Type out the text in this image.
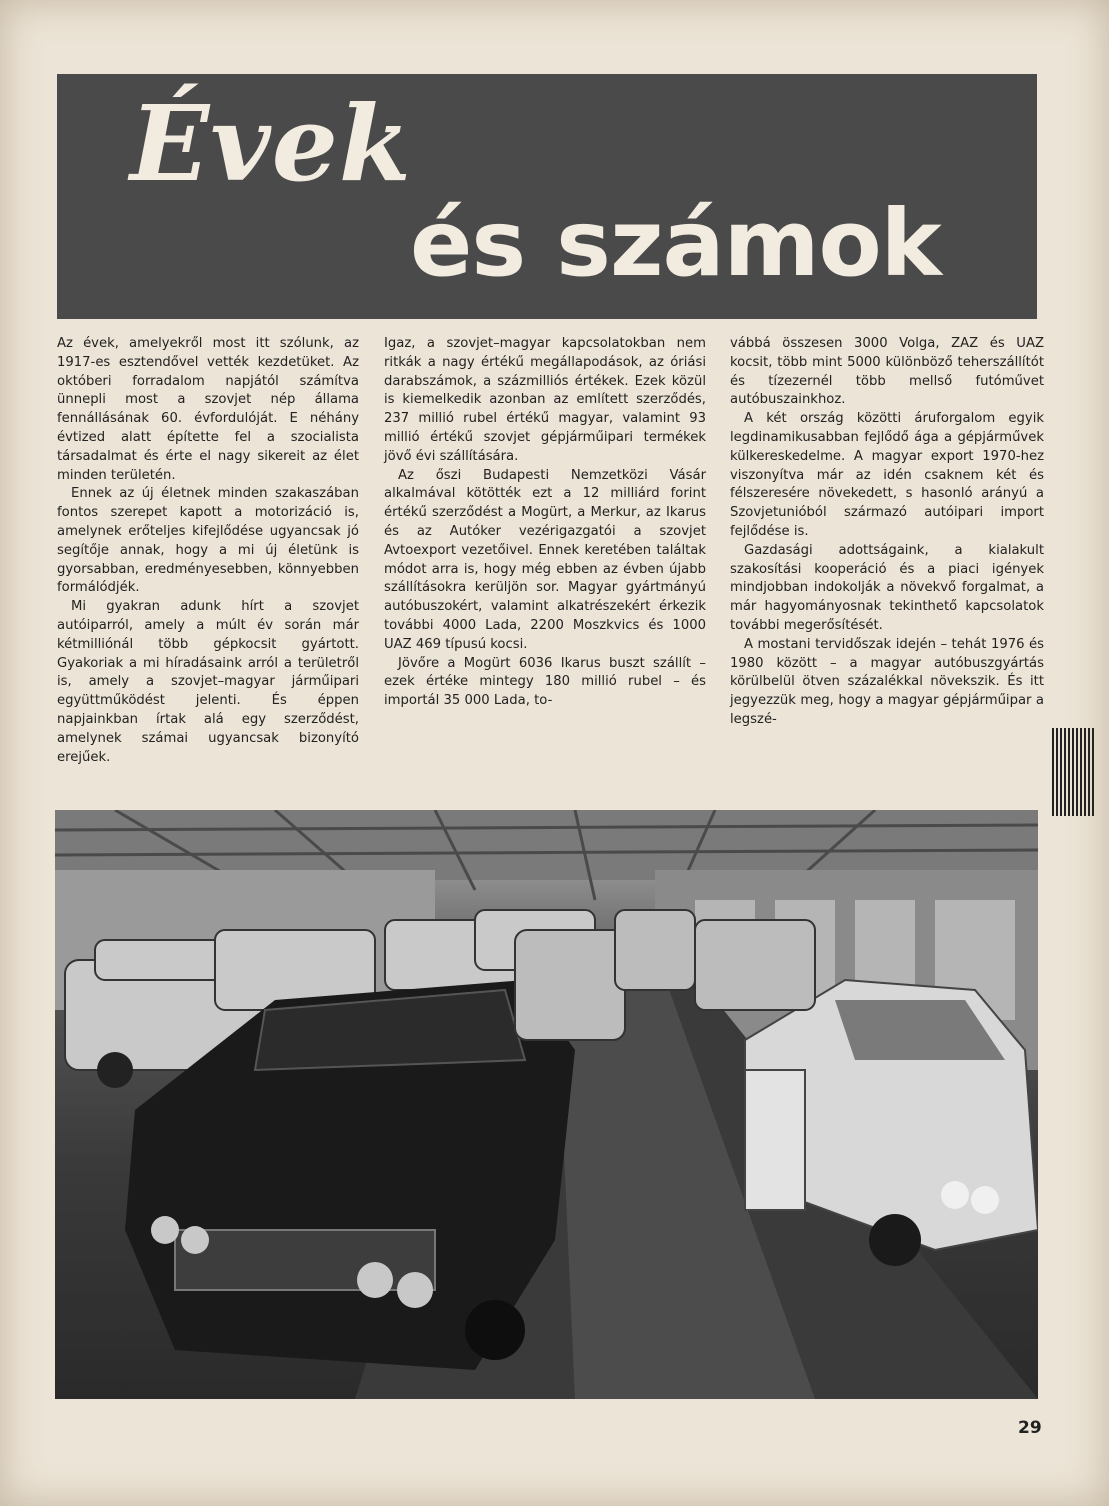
Évek
és számok

Az évek, amelyekről most itt szólunk, az 1917-es esztendővel vették kezdetüket. Az októberi forradalom napjától számítva ünnepli most a szovjet nép állama fennállásának 60. évfordulóját. E néhány évtized alatt építette fel a szocialista társadalmat és érte el nagy sikereit az élet minden területén.

Ennek az új életnek minden szakaszában fontos szerepet kapott a motorizáció is, amelynek erőteljes kifejlődése ugyancsak jó segítője annak, hogy a mi új életünk is gyorsabban, eredményesebben, könnyebben formálódjék.

Mi gyakran adunk hírt a szovjet autóiparról, amely a múlt év során már kétmilliónál több gépkocsit gyártott. Gyakoriak a mi híradásaink arról a területről is, amely a szovjet–magyar járműipari együttműködést jelenti. És éppen napjainkban írtak alá egy szerződést, amelynek számai ugyancsak bizonyító erejűek.

Igaz, a szovjet–magyar kapcsolatokban nem ritkák a nagy értékű megállapodások, az óriási darabszámok, a százmilliós értékek. Ezek közül is kiemelkedik azonban az említett szerződés, 237 millió rubel értékű magyar, valamint 93 millió értékű szovjet gépjárműipari termékek jövő évi szállítására.

Az őszi Budapesti Nemzetközi Vásár alkalmával kötötték ezt a 12 milliárd forint értékű szerződést a Mogürt, a Merkur, az Ikarus és az Autóker vezérigazgatói a szovjet Avtoexport vezetőivel. Ennek keretében találtak módot arra is, hogy még ebben az évben újabb szállításokra kerüljön sor. Magyar gyártmányú autóbuszokért, valamint alkatrészekért érkezik további 4000 Lada, 2200 Moszkvics és 1000 UAZ 469 típusú kocsi.

Jövőre a Mogürt 6036 Ikarus buszt szállít – ezek értéke mintegy 180 millió rubel – és importál 35 000 Lada, to-

vábbá összesen 3000 Volga, ZAZ és UAZ kocsit, több mint 5000 különböző teherszállítót és tízezernél több mellső futóművet autóbuszainkhoz.

A két ország közötti áruforgalom egyik legdinamikusabban fejlődő ága a gépjárművek külkereskedelme. A magyar export 1970-hez viszonyítva már az idén csaknem két és félszeresére növekedett, s hasonló arányú a Szovjetunióból származó autóipari import fejlődése is.

Gazdasági adottságaink, a kialakult szakosítási kooperáció és a piaci igények mindjobban indokolják a növekvő forgalmat, a már hagyományosnak tekinthető kapcsolatok további megerősítését.

A mostani tervidőszak idején – tehát 1976 és 1980 között – a magyar autóbuszgyártás körülbelül ötven százalékkal növekszik. És itt jegyezzük meg, hogy a magyar gépjárműipar a legszé-

29
